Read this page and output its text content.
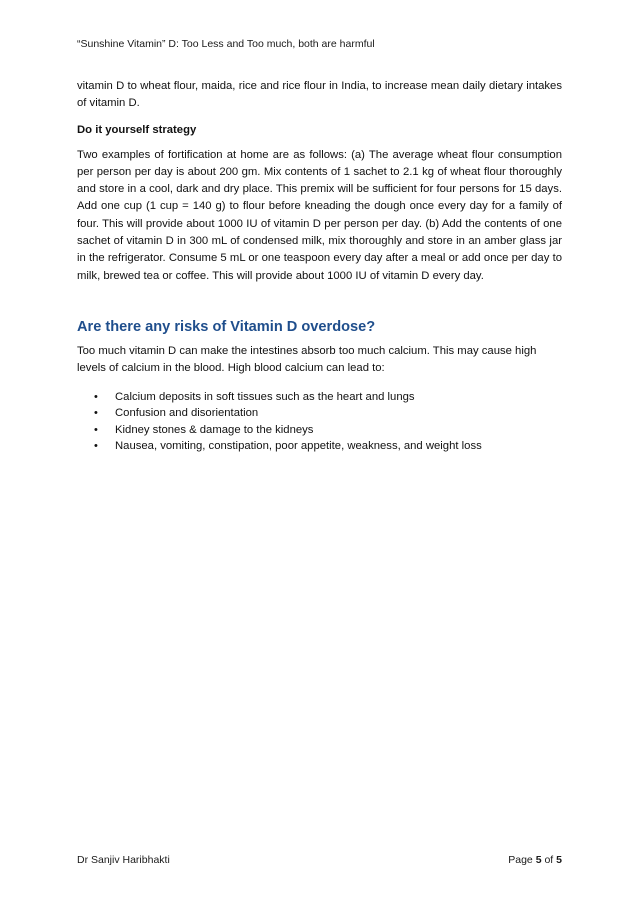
“Sunshine Vitamin” D: Too Less and Too much, both are harmful

vitamin D to wheat flour, maida, rice and rice flour in India, to increase mean daily dietary intakes of vitamin D.

Do it yourself strategy

Two examples of fortification at home are as follows: (a) The average wheat flour consumption per person per day is about 200 gm. Mix contents of 1 sachet to 2.1 kg of wheat flour thoroughly and store in a cool, dark and dry place. This premix will be sufficient for four persons for 15 days. Add one cup (1 cup = 140 g) to flour before kneading the dough once every day for a family of four. This will provide about 1000 IU of vitamin D per person per day. (b) Add the contents of one sachet of vitamin D in 300 mL of condensed milk, mix thoroughly and store in an amber glass jar in the refrigerator. Consume 5 mL or one teaspoon every day after a meal or add once per day to milk, brewed tea or coffee. This will provide about 1000 IU of vitamin D every day.

Are there any risks of Vitamin D overdose?

Too much vitamin D can make the intestines absorb too much calcium. This may cause high levels of calcium in the blood. High blood calcium can lead to:

• Calcium deposits in soft tissues such as the heart and lungs
• Confusion and disorientation
• Kidney stones & damage to the kidneys
• Nausea, vomiting, constipation, poor appetite, weakness, and weight loss
Dr Sanjiv Haribhakti	Page 5 of 5
